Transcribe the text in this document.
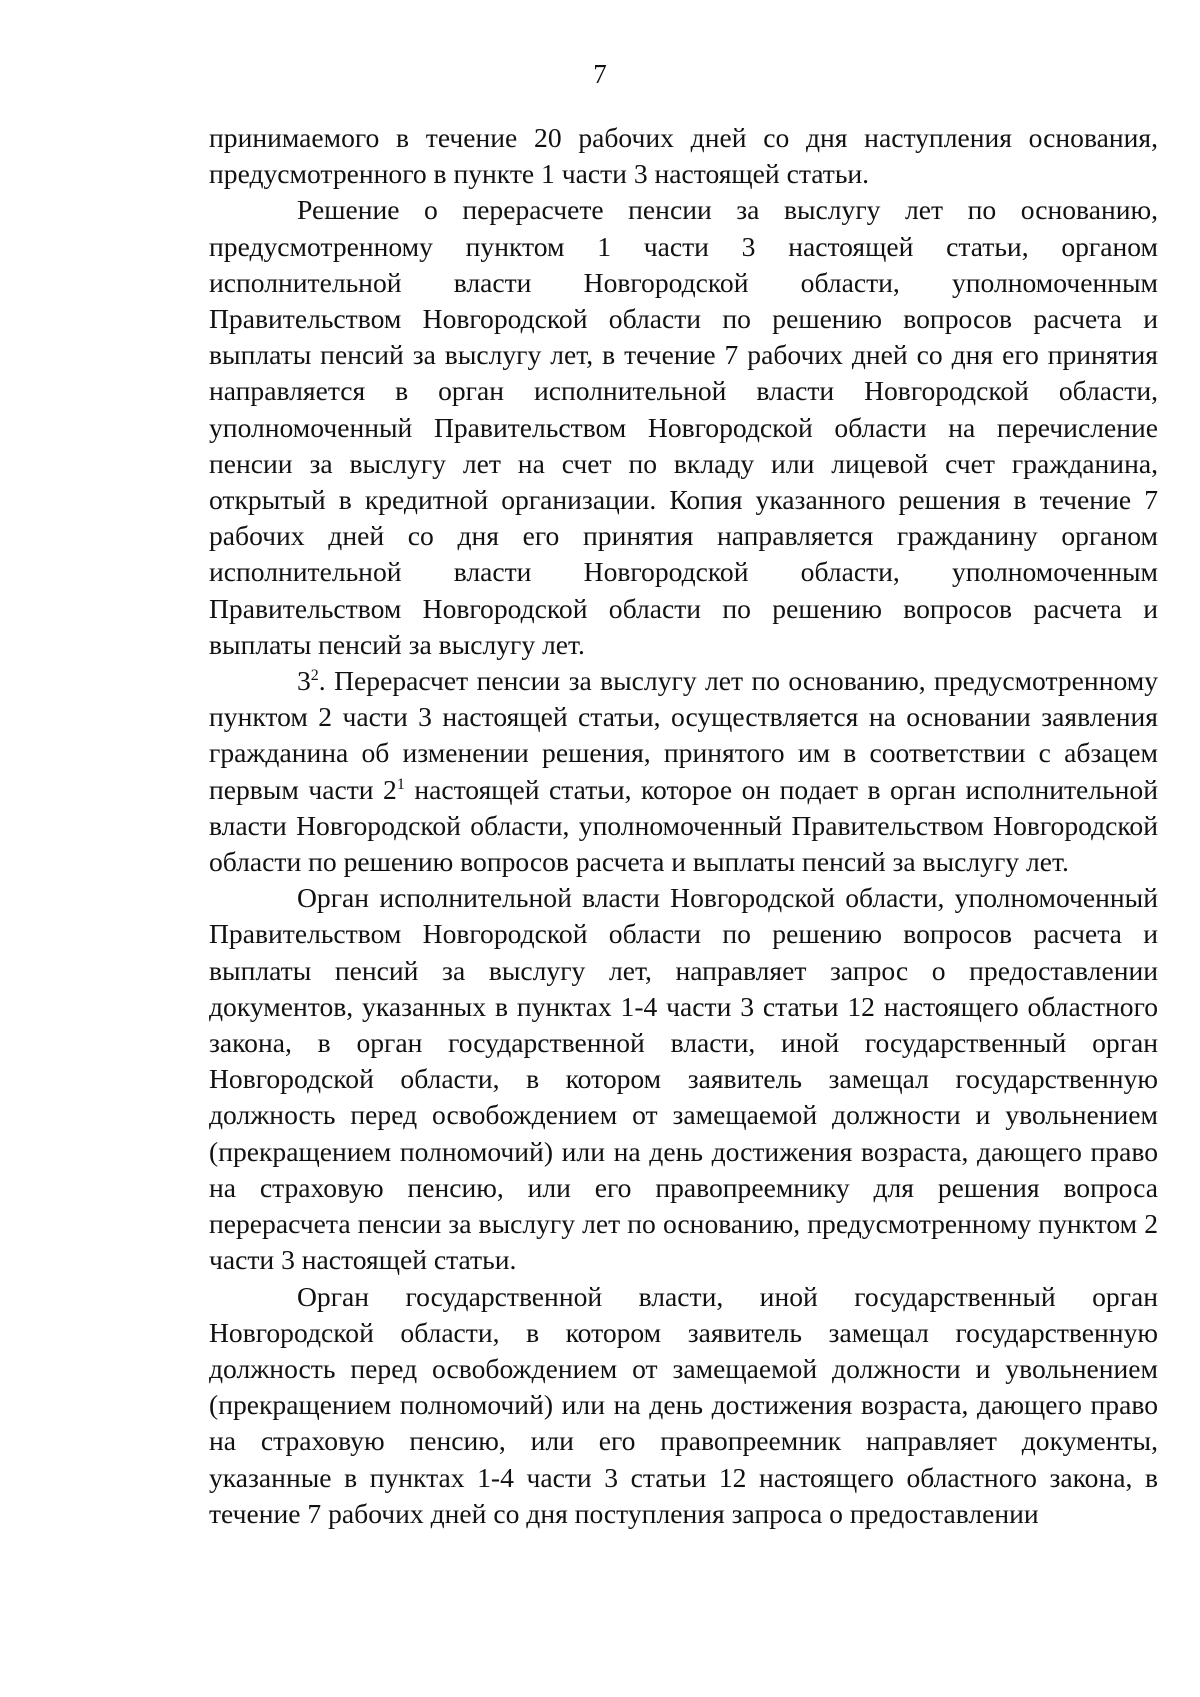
7

принимаемого в течение 20 рабочих дней со дня наступления основания, предусмотренного в пункте 1 части 3 настоящей статьи.

Решение о перерасчете пенсии за выслугу лет по основанию, предусмотренному пунктом 1 части 3 настоящей статьи, органом исполнительной власти Новгородской области, уполномоченным Правительством Новгородской области по решению вопросов расчета и выплаты пенсий за выслугу лет, в течение 7 рабочих дней со дня его принятия направляется в орган исполнительной власти Новгородской области, уполномоченный Правительством Новгородской области на перечисление пенсии за выслугу лет на счет по вкладу или лицевой счет гражданина, открытый в кредитной организации. Копия указанного решения в течение 7 рабочих дней со дня его принятия направляется гражданину органом исполнительной власти Новгородской области, уполномоченным Правительством Новгородской области по решению вопросов расчета и выплаты пенсий за выслугу лет.

$3^2$. Перерасчет пенсии за выслугу лет по основанию, предусмотренному пунктом 2 части 3 настоящей статьи, осуществляется на основании заявления гражданина об изменении решения, принятого им в соответствии с абзацем первым части $2^1$ настоящей статьи, которое он подает в орган исполнительной власти Новгородской области, уполномоченный Правительством Новгородской области по решению вопросов расчета и выплаты пенсий за выслугу лет.

Орган исполнительной власти Новгородской области, уполномоченный Правительством Новгородской области по решению вопросов расчета и выплаты пенсий за выслугу лет, направляет запрос о предоставлении документов, указанных в пунктах 1-4 части 3 статьи 12 настоящего областного закона, в орган государственной власти, иной государственный орган Новгородской области, в котором заявитель замещал государственную должность перед освобождением от замещаемой должности и увольнением (прекращением полномочий) или на день достижения возраста, дающего право на страховую пенсию, или его правопреемнику для решения вопроса перерасчета пенсии за выслугу лет по основанию, предусмотренному пунктом 2 части 3 настоящей статьи.

Орган государственной власти, иной государственный орган Новгородской области, в котором заявитель замещал государственную должность перед освобождением от замещаемой должности и увольнением (прекращением полномочий) или на день достижения возраста, дающего право на страховую пенсию, или его правопреемник направляет документы, указанные в пунктах 1-4 части 3 статьи 12 настоящего областного закона, в течение 7 рабочих дней со дня поступления запроса о предоставлении
